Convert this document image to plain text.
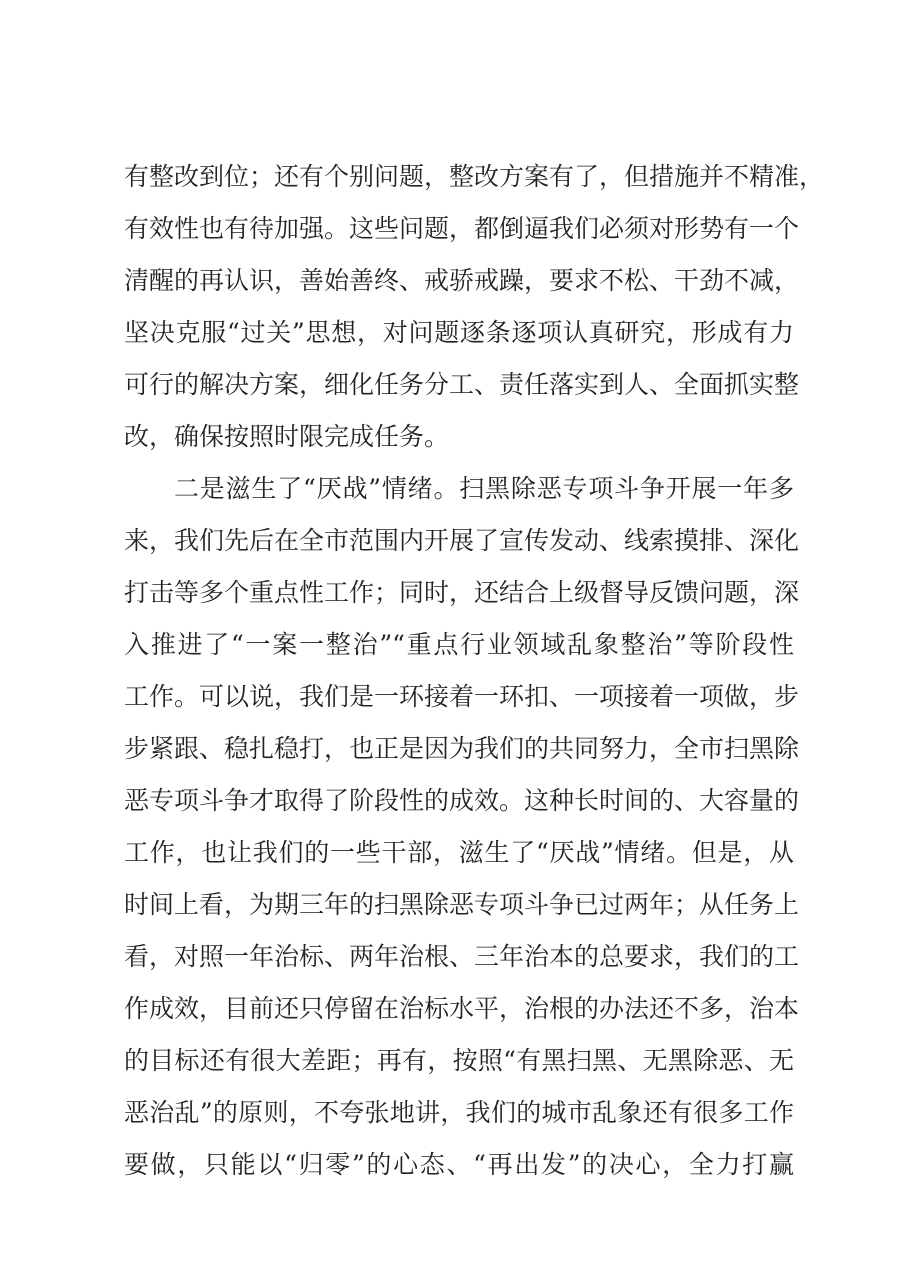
有整改到位；还有个别问题，整改方案有了，但措施并不精准，
有效性也有待加强。这些问题，都倒逼我们必须对形势有一个
清醒的再认识，善始善终、戒骄戒躁，要求不松、干劲不减，
坚决克服“过关”思想，对问题逐条逐项认真研究，形成有力
可行的解决方案，细化任务分工、责任落实到人、全面抓实整
改，确保按照时限完成任务。
二是滋生了“厌战”情绪。扫黑除恶专项斗争开展一年多
来，我们先后在全市范围内开展了宣传发动、线索摸排、深化
打击等多个重点性工作；同时，还结合上级督导反馈问题，深
入推进了“一案一整治”“重点行业领域乱象整治”等阶段性
工作。可以说，我们是一环接着一环扣、一项接着一项做，步
步紧跟、稳扎稳打，也正是因为我们的共同努力，全市扫黑除
恶专项斗争才取得了阶段性的成效。这种长时间的、大容量的
工作，也让我们的一些干部，滋生了“厌战”情绪。但是，从
时间上看，为期三年的扫黑除恶专项斗争已过两年；从任务上
看，对照一年治标、两年治根、三年治本的总要求，我们的工
作成效，目前还只停留在治标水平，治根的办法还不多，治本
的目标还有很大差距；再有，按照“有黑扫黑、无黑除恶、无
恶治乱”的原则，不夸张地讲，我们的城市乱象还有很多工作
要做，只能以“归零”的心态、“再出发”的决心，全力打赢
